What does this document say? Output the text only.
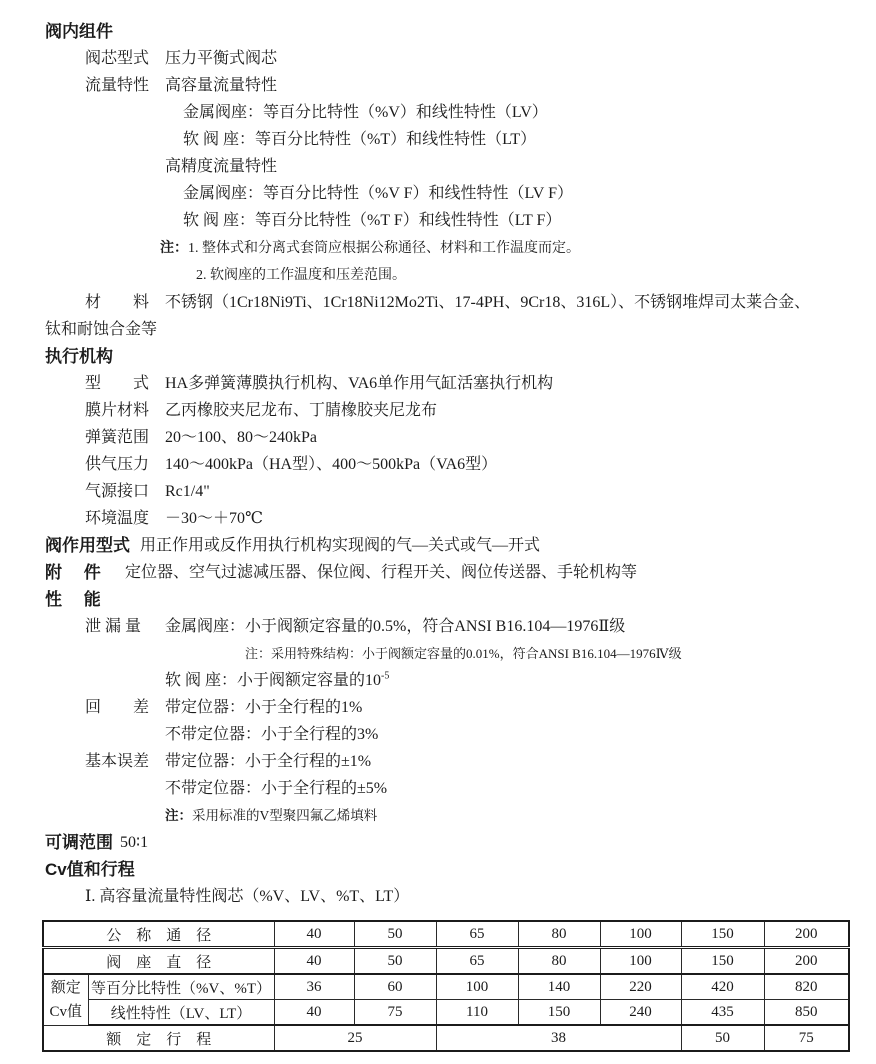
阀内组件
阀芯型式 压力平衡式阀芯
流量特性 高容量流量特性
金属阀座：等百分比特性（%V）和线性特性（LV）
软 阀 座：等百分比特性（%T）和线性特性（LT）
高精度流量特性
金属阀座：等百分比特性（%V F）和线性特性（LV F）
软 阀 座：等百分比特性（%T F）和线性特性（LT F）
注：1. 整体式和分离式套筒应根据公称通径、材料和工作温度而定。
2. 软阀座的工作温度和压差范围。
材　　料 不锈钢（1Cr18Ni9Ti、1Cr18Ni12Mo2Ti、17-4PH、9Cr18、316L）、不锈钢堆焊司太莱合金、
钛和耐蚀合金等
执行机构
型　　式 HA多弹簧薄膜执行机构、VA6单作用气缸活塞执行机构
膜片材料 乙丙橡胶夹尼龙布、丁腈橡胶夹尼龙布
弹簧范围 20～100、80～240kPa
供气压力 140～400kPa（HA型）、400～500kPa（VA6型）
气源接口 Rc1/4"
环境温度 －30～＋70℃
阀作用型式 用正作用或反作用执行机构实现阀的气—关式或气—开式
附　 件 定位器、空气过滤减压器、保位阀、行程开关、阀位传送器、手轮机构等
性　 能
泄 漏 量 金属阀座：小于阀额定容量的0.5%，符合ANSI B16.104—1976Ⅱ级
注：采用特殊结构：小于阀额定容量的0.01%，符合ANSI B16.104—1976Ⅳ级
软 阀 座：小于阀额定容量的$10^{-5}$
回　　差 带定位器：小于全行程的1%
不带定位器：小于全行程的3%
基本误差 带定位器：小于全行程的±1%
不带定位器：小于全行程的±5%
注：采用标准的V型聚四氟乙烯填料
可调范围 50∶1
Cv值和行程
Ⅰ. 高容量流量特性阀芯（%V、LV、%T、LT）
公　称　通　径		40	50	65	80	100	150	200
阀　座　直　径		40	50	65	80	100	150	200

额定
Cv值	等百分比特性（%V、%T）	36	60	100	140	220	420	820
	线性特性（LV、LT）	40	75	110	150	240	435	850
额　定　行　程		25		38			50	75
